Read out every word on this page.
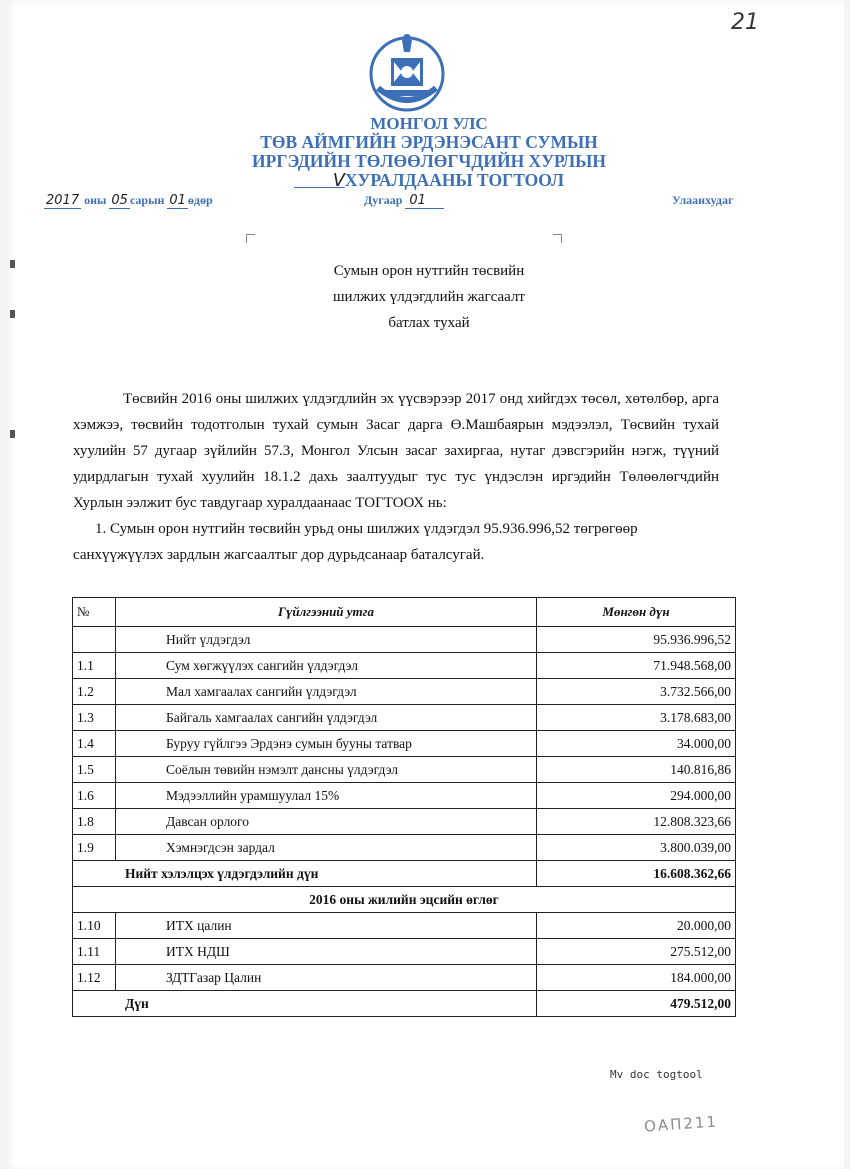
21
МОНГОЛ УЛС
ТӨВ АЙМГИЙН ЭРДЭНЭСАНТ СУМЫН
ИРГЭДИЙН ТӨЛӨӨЛӨГЧДИЙН ХУРЛЫН
VХУРАЛДААНЫ ТОГТООЛ
2017 оны 05 сарын 01 өдөр	Дугаар 01	Улаанхудаг
Сумын орон нутгийн төсвийн
шилжих үлдэгдлийн жагсаалт
батлах тухай

Төсвийн 2016 оны шилжих үлдэгдлийн эх үүсвэрээр 2017 онд хийгдэх төсөл, хөтөлбөр, арга хэмжээ, төсвийн тодотголын тухай сумын Засаг дарга Ө.Машбаярын мэдээлэл, Төсвийн тухай хуулийн 57 дугаар зүйлийн 57.3, Монгол Улсын засаг захиргаа, нутаг дэвсгэрийн нэгж, түүний удирдлагын тухай хуулийн 18.1.2 дахь заалтуудыг тус тус үндэслэн иргэдийн Төлөөлөгчдийн Хурлын ээлжит бус тавдугаар хуралдаанаас ТОГТООХ нь:

1. Сумын орон нутгийн төсвийн урьд оны шилжих үлдэгдэл 95.936.996,52 төгрөгөөр

санхүүжүүлэх зардлын жагсаалтыг дор дурьдсанаар баталсугай.

№	Гүйлгээний утга	Мөнгөн дүн
	Нийт үлдэгдэл	95.936.996,52
1.1	Сум хөгжүүлэх сангийн үлдэгдэл	71.948.568,00
1.2	Мал хамгаалах сангийн үлдэгдэл	3.732.566,00
1.3	Байгаль хамгаалах сангийн үлдэгдэл	3.178.683,00
1.4	Буруу гүйлгээ Эрдэнэ сумын бууны татвар	34.000,00
1.5	Соёлын төвийн нэмэлт дансны үлдэгдэл	140.816,86
1.6	Мэдээллийн урамшуулал 15%	294.000,00
1.8	Давсан орлого	12.808.323,66
1.9	Хэмнэгдсэн зардал	3.800.039,00
Нийт хэлэлцэх үлдэгдэлийн дүн		16.608.362,66
2016 оны жилийн эцсийн өглөг		
1.10	ИТХ цалин	20.000,00
1.11	ИТХ НДШ	275.512,00
1.12	ЗДТГазар Цалин	184.000,00
Дүн		479.512,00
Mv doc togtool
ОАП211
